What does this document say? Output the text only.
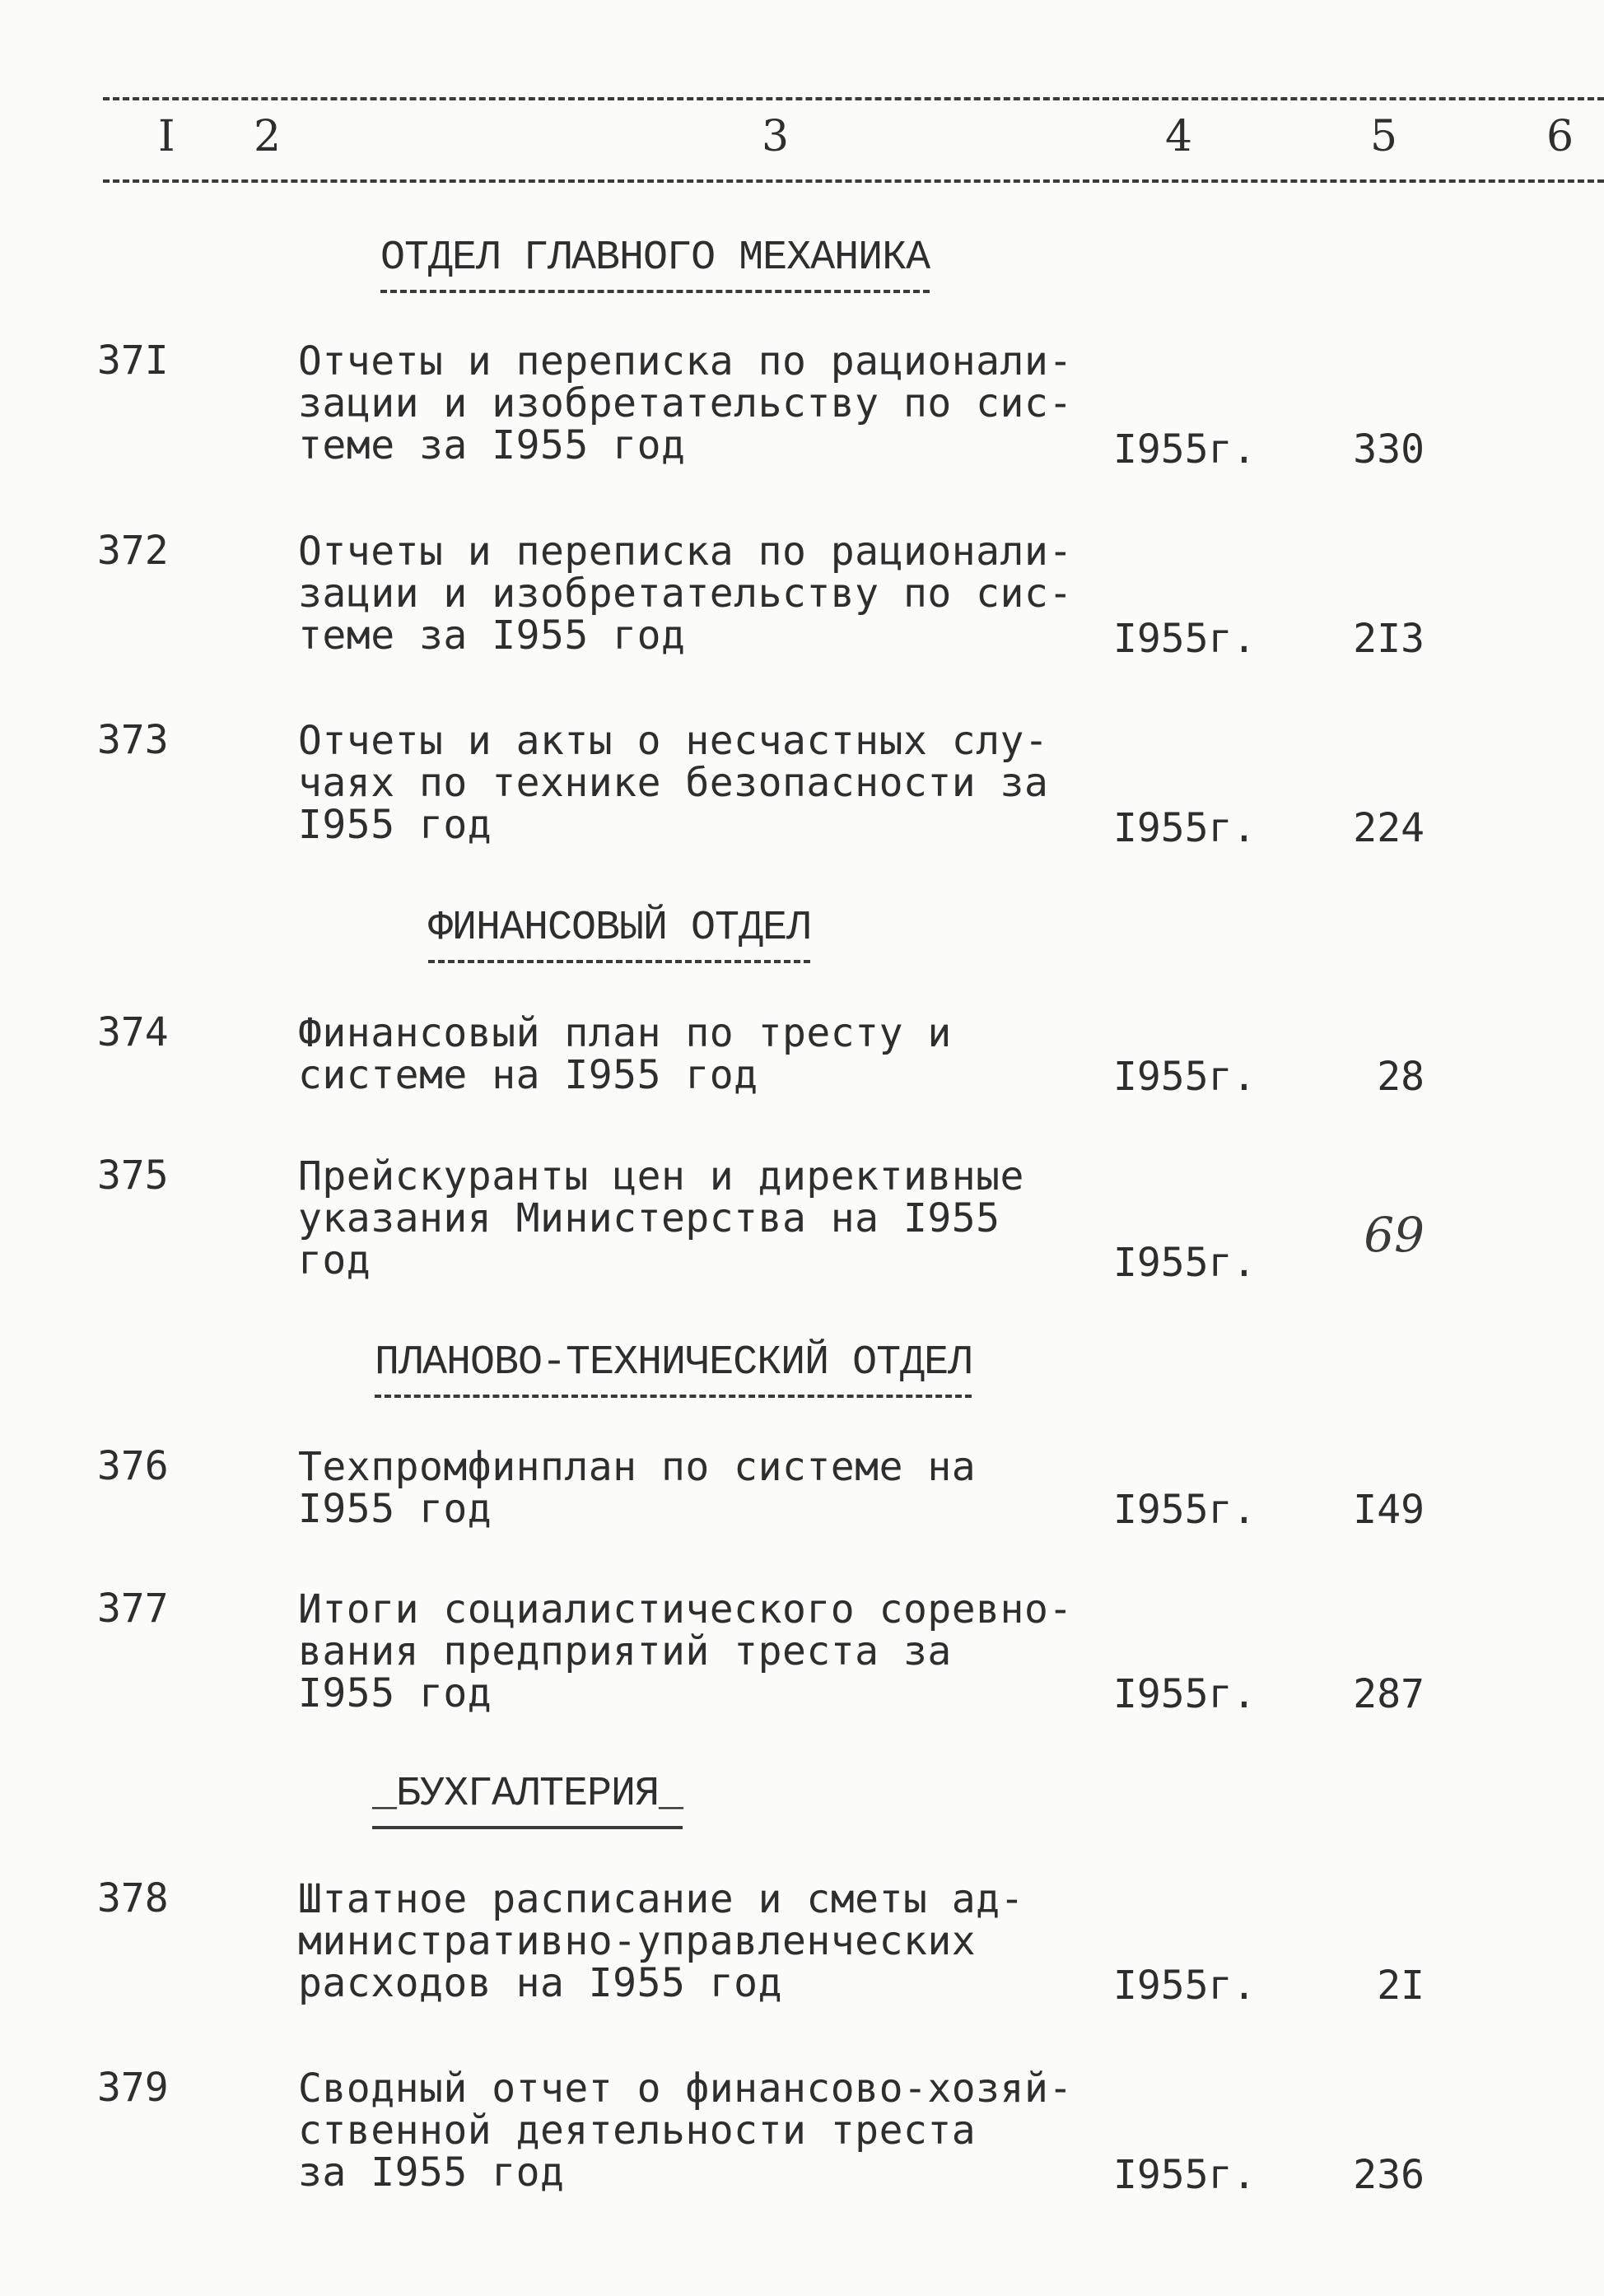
I 2	3	4	5	6
ОТДЕЛ ГЛАВНОГО МЕХАНИКА
37I	Отчеты и переписка по рационали-
зации и изобретательству по сис-
теме за I955 год	I955г.	330
372	Отчеты и переписка по рационали-
зации и изобретательству по сис-
теме за I955 год	I955г.	2I3
373	Отчеты и акты о несчастных слу-
чаях по технике безопасности за
I955 год	I955г.	224
ФИНАНСОВЫЙ ОТДЕЛ
374	Финансовый план по тресту и
системе на I955 год	I955г.	28
375	Прейскуранты цен и директивные
указания Министерства на I955
год	I955г.	69
ПЛАНОВО-ТЕХНИЧЕСКИЙ ОТДЕЛ
376	Техпромфинплан по системе на
I955 год	I955г.	I49
377	Итоги социалистического соревно-
вания предприятий треста за
I955 год	I955г.	287
_БУХГАЛТЕРИЯ_
378	Штатное расписание и сметы ад-
министративно-управленческих
расходов на I955 год	I955г.	2I
379	Сводный отчет о финансово-хозяй-
ственной деятельности треста
за I955 год	I955г.	236
